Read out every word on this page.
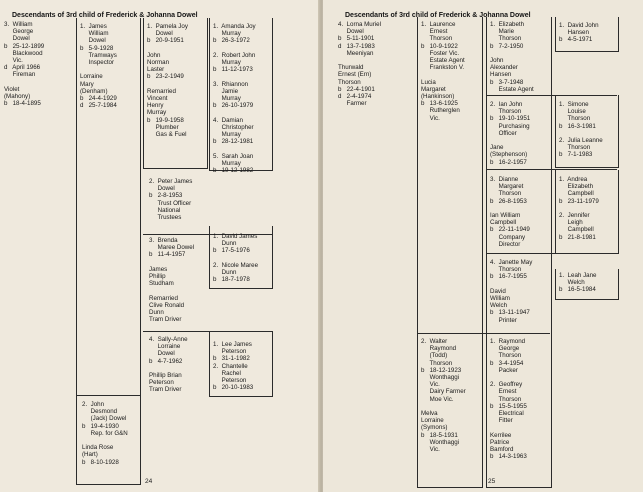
Descendants of 3rd child of Frederick & Johanna Dowel
3.  William
George
Dowel
b   25-12-1899
Blackwood
Vic.
d   April 1966
Fireman

Violet
(Mahony)
b   18-4-1895
1.  James
William
Dowel
b   5-9-1928
Tramways
Inspector

Lorraine
Mary
(Denham)
b   24-4-1929
d   25-7-1984
1.  Pamela Joy
Dowel
b   20-9-1951

John
Norman
Laster
b   23-2-1949

Remarried
Vincent
Henry
Murray
b   19-9-1958
Plumber
Gas & Fuel
1.  Amanda Joy
Murray
b   26-3-1972

2.  Robert John
Murray
b   11-12-1973

3.  Rhiannon
Jamie
Murray
b   26-10-1979

4.  Damian
Christopher
Murray
b   28-12-1981

5.  Sarah Joan
Murray
b   19-12-1982
2.  Peter James
Dowel
b   2-8-1953
Trust Officer
National
Trustees
3.  Brenda
Maree Dowel
b   11-4-1957

James
Phillip
Studham

Remarried
Clive Ronald
Dunn
Tram Driver
1.  David James
Dunn
b   17-5-1976

2.  Nicole Maree
Dunn
b   18-7-1978
4.  Sally-Anne
Lorraine
Dowel
b   4-7-1962

Phillip Brian
Peterson
Tram Driver
1.  Lee James
Peterson
b   31-1-1982
2.  Chantelle
Rachel
Peterson
b   20-10-1983
2.  John
Desmond
(Jack) Dowel
b   19-4-1930
Rep. for G&N

Linda Rose
(Hart)
b   8-10-1928
24
Descendants of 3rd child of Frederick & Johanna Dowel
4.  Lorna Muriel
Dowel
b   5-11-1901
d   13-7-1983
Meeniyan

Thurwald
Ernest (Ern)
Thorson
b   22-4-1901
d   2-4-1974
Farmer
1.  Laurence
Ernest
Thorson
b   10-9-1922
Foster Vic.
Estate Agent
Frankston V.

Lucia
Margaret
(Hankinson)
b   13-6-1925
Rutherglen
Vic.
1.  Elizabeth
Marie
Thorson
b   7-2-1950

John
Alexander
Hansen
b   3-7-1948
Estate Agent
1.  David John
Hansen
b   4-5-1971
2.  Ian John
Thorson
b   19-10-1951
Purchasing
Officer

Jane
(Stephenson)
b   16-2-1957
1.  Simone
Louise
Thorson
b   16-3-1981

2.  Julia Leanne
Thorson
b   7-1-1983
3.  Dianne
Margaret
Thorson
b   26-8-1953

Ian William
Campbell
b   22-11-1949
Company
Director
1.  Andrea
Elizabeth
Campbell
b   23-11-1979

2.  Jennifer
Leigh
Campbell
b   21-8-1981
4.  Janette May
Thorson
b   16-7-1955

David
William
Welch
b   13-11-1947
Printer
1.  Leah Jane
Welch
b   16-5-1984
2.  Walter
Raymond
(Todd)
Thorson
b   18-12-1923
Wonthaggi
Vic.
Dairy Farmer
Moe Vic.

Melva
Lorraine
(Symons)
b   18-5-1931
Wonthaggi
Vic.
1.  Raymond
George
Thorson
b   3-4-1954
Packer

2.  Geoffrey
Ernest
Thorson
b   15-5-1955
Electrical
Fitter

Kerrilee
Patrice
Bamford
b   14-3-1963
25
